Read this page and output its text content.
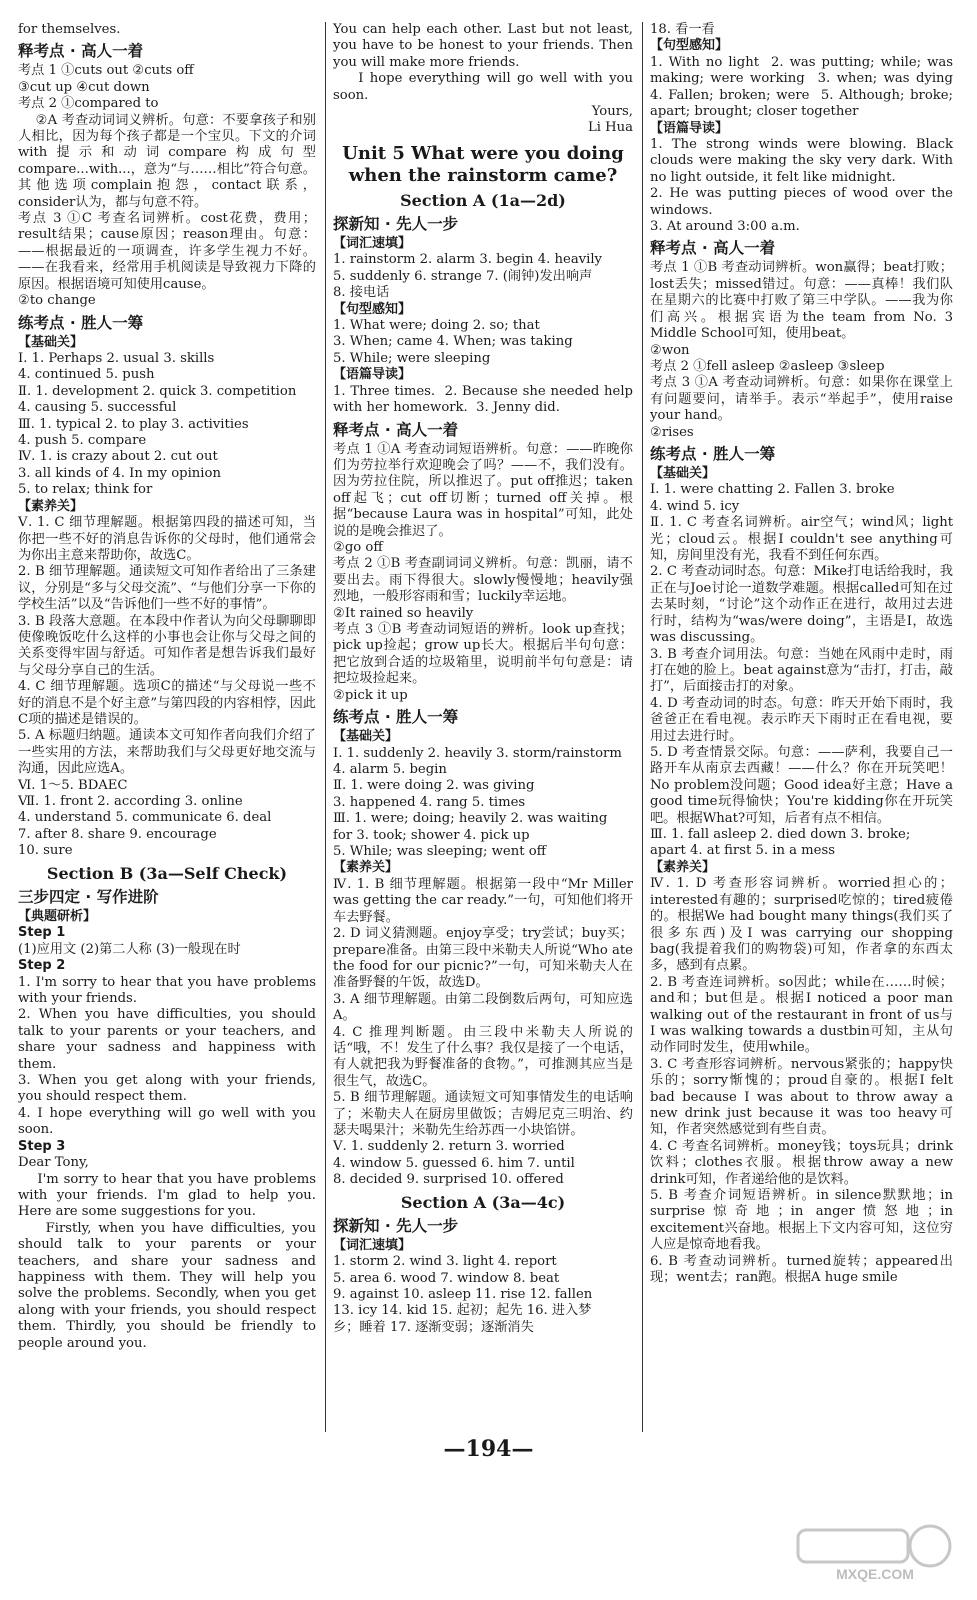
for themselves.
释考点 · 高人一着
考点 1 ①cuts out ②cuts off
③cut up ④cut down
考点 2 ①compared to
②A 考查动词词义辨析。句意：不要拿孩子和别人相比，因为每个孩子都是一个宝贝。下文的介词with提示和动词compare构成句型compare...with...，意为“与……相比”符合句意。其他选项complain抱怨，contact联系，consider认为，都与句意不符。
考点 3 ①C 考查名词辨析。cost花费，费用；result结果；cause原因；reason理由。句意：——根据最近的一项调查，许多学生视力不好。——在我看来，经常用手机阅读是导致视力下降的原因。根据语境可知使用cause。
②to change
练考点 · 胜人一筹
【基础关】
Ⅰ. 1. Perhaps 2. usual 3. skills
4. continued 5. push
Ⅱ. 1. development 2. quick 3. competition
4. causing 5. successful
Ⅲ. 1. typical 2. to play 3. activities
4. push 5. compare
Ⅳ. 1. is crazy about 2. cut out
3. all kinds of 4. In my opinion
5. to relax; think for
【素养关】
Ⅴ. 1. C 细节理解题。根据第四段的描述可知，当你把一些不好的消息告诉你的父母时，他们通常会为你出主意来帮助你，故选C。
2. B 细节理解题。通读短文可知作者给出了三条建议，分别是“多与父母交流”、“与他们分享一下你的学校生活”以及“告诉他们一些不好的事情”。
3. B 段落大意题。在本段中作者认为向父母聊聊即使像晚饭吃什么这样的小事也会让你与父母之间的关系变得牢固与舒适。可知作者是想告诉我们最好与父母分享自己的生活。
4. C 细节理解题。选项C的描述“与父母说一些不好的消息不是个好主意”与第四段的内容相悖，因此C项的描述是错误的。
5. A 标题归纳题。通读本文可知作者向我们介绍了一些实用的方法，来帮助我们与父母更好地交流与沟通，因此应选A。
Ⅵ. 1～5. BDAEC
Ⅶ. 1. front 2. according 3. online
4. understand 5. communicate 6. deal
7. after 8. share 9. encourage
10. sure
Section B (3a—Self Check)
三步四定 · 写作进阶
【典题研析】
Step 1
(1)应用文 (2)第二人称 (3)一般现在时
Step 2
1. I'm sorry to hear that you have problems with your friends.
2. When you have difficulties, you should talk to your parents or your teachers, and share your sadness and happiness with them.
3. When you get along with your friends, you should respect them.
4. I hope everything will go well with you soon.
Step 3
Dear Tony,
I'm sorry to hear that you have problems with your friends. I'm glad to help you. Here are some suggestions for you.
Firstly, when you have difficulties, you should talk to your parents or your teachers, and share your sadness and happiness with them. They will help you solve the problems. Secondly, when you get along with your friends, you should respect them. Thirdly, you should be friendly to people around you.
You can help each other. Last but not least, you have to be honest to your friends. Then you will make more friends.
I hope everything will go well with you soon.
Yours,
Li Hua
Unit 5 What were you doing when the rainstorm came?
Section A (1a—2d)
探新知 · 先人一步
【词汇速填】
1. rainstorm 2. alarm 3. begin 4. heavily
5. suddenly 6. strange 7. (闹钟)发出响声
8. 接电话
【句型感知】
1. What were; doing 2. so; that
3. When; came 4. When; was taking
5. While; were sleeping
【语篇导读】
1. Three times.  2. Because she needed help with her homework.  3. Jenny did.
释考点 · 高人一着
考点 1 ①A 考查动词短语辨析。句意：——昨晚你们为劳拉举行欢迎晚会了吗？——不，我们没有。因为劳拉住院，所以推迟了。put off推迟；taken off起飞；cut off切断；turned off关掉。根据“because Laura was in hospital”可知，此处说的是晚会推迟了。
②go off
考点 2 ①B 考查副词词义辨析。句意：凯丽，请不要出去。雨下得很大。slowly慢慢地；heavily强烈地，一般形容雨和雪；luckily幸运地。
②It rained so heavily
考点 3 ①B 考查动词短语的辨析。look up查找；pick up捡起；grow up长大。根据后半句句意：把它放到合适的垃圾箱里，说明前半句句意是：请把垃圾捡起来。
②pick it up
练考点 · 胜人一筹
【基础关】
Ⅰ. 1. suddenly 2. heavily 3. storm/rainstorm
4. alarm 5. begin
Ⅱ. 1. were doing 2. was giving
3. happened 4. rang 5. times
Ⅲ. 1. were; doing; heavily 2. was waiting
for 3. took; shower 4. pick up
5. While; was sleeping; went off
【素养关】
Ⅳ. 1. B 细节理解题。根据第一段中“Mr Miller was getting the car ready.”一句，可知他们将开车去野餐。
2. D 词义猜测题。enjoy享受；try尝试；buy买；prepare准备。由第三段中米勒夫人所说“Who ate the food for our picnic?”一句，可知米勒夫人在准备野餐的午饭，故选D。
3. A 细节理解题。由第二段倒数后两句，可知应选A。
4. C 推理判断题。由三段中米勒夫人所说的话“哦，不！发生了什么事？我仅是接了一个电话，有人就把我为野餐准备的食物。”，可推测其应当是很生气，故选C。
5. B 细节理解题。通读短文可知事情发生的电话响了；米勒夫人在厨房里做饭；吉姆尼克三明治、约瑟夫喝果汁；米勒先生给苏西一小块馅饼。
Ⅴ. 1. suddenly 2. return 3. worried
4. window 5. guessed 6. him 7. until
8. decided 9. surprised 10. offered
Section A (3a—4c)
探新知 · 先人一步
【词汇速填】
1. storm 2. wind 3. light 4. report
5. area 6. wood 7. window 8. beat
9. against 10. asleep 11. rise 12. fallen
13. icy 14. kid 15. 起初；起先 16. 进入梦
乡；睡着 17. 逐渐变弱；逐渐消失
18. 看一看
【句型感知】
1. With no light  2. was putting; while; was making; were working  3. when; was dying  4. Fallen; broken; were  5. Although; broke; apart; brought; closer together
【语篇导读】
1. The strong winds were blowing. Black clouds were making the sky very dark. With no light outside, it felt like midnight.
2. He was putting pieces of wood over the windows.
3. At around 3:00 a.m.
释考点 · 高人一着
考点 1 ①B 考查动词辨析。won赢得；beat打败；lost丢失；missed错过。句意：——真棒！我们队在星期六的比赛中打败了第三中学队。——我为你们高兴。根据宾语为the team from No. 3 Middle School可知，使用beat。
②won
考点 2 ①fell asleep ②asleep ③sleep
考点 3 ①A 考查动词辨析。句意：如果你在课堂上有问题要问，请举手。表示“举起手”，使用raise your hand。
②rises
练考点 · 胜人一筹
【基础关】
Ⅰ. 1. were chatting 2. Fallen 3. broke
4. wind 5. icy
Ⅱ. 1. C 考查名词辨析。air空气；wind风；light光；cloud云。根据I couldn't see anything可知，房间里没有光，我看不到任何东西。
2. C 考查动词时态。句意：Mike打电话给我时，我正在与Joe讨论一道数学难题。根据called可知在过去某时刻，“讨论”这个动作正在进行，故用过去进行时，结构为“was/were doing”，主语是I，故选was discussing。
3. B 考查介词用法。句意：当她在风雨中走时，雨打在她的脸上。beat against意为“击打，打击，敲打”，后面接击打的对象。
4. D 考查动词的时态。句意：昨天开始下雨时，我爸爸正在看电视。表示昨天下雨时正在看电视，要用过去进行时。
5. D 考查情景交际。句意：——萨利，我要自己一路开车从南京去西藏！——什么？你在开玩笑吧！No problem没问题；Good idea好主意；Have a good time玩得愉快；You're kidding你在开玩笑吧。根据What?可知，后者有点不相信。
Ⅲ. 1. fall asleep 2. died down 3. broke;
apart 4. at first 5. in a mess
【素养关】
Ⅳ. 1. D 考查形容词辨析。worried担心的；interested有趣的；surprised吃惊的；tired疲倦的。根据We had bought many things(我们买了很多东西)及I was carrying our shopping bag(我提着我们的购物袋)可知，作者拿的东西太多，感到有点累。
2. B 考查连词辨析。so因此；while在……时候；and和；but但是。根据I noticed a poor man walking out of the restaurant in front of us与I was walking towards a dustbin可知，主从句动作同时发生，使用while。
3. C 考查形容词辨析。nervous紧张的；happy快乐的；sorry惭愧的；proud自豪的。根据I felt bad because I was about to throw away a new drink just because it was too heavy可知，作者突然感觉到有些自责。
4. C 考查名词辨析。money钱；toys玩具；drink饮料；clothes衣服。根据throw away a new drink可知，作者递给他的是饮料。
5. B 考查介词短语辨析。in silence默默地；in surprise惊奇地；in anger愤怒地；in excitement兴奋地。根据上下文内容可知，这位穷人应是惊奇地看我。
6. B 考查动词辨析。turned旋转；appeared出现；went去；ran跑。根据A huge smile
—194—
MXQE.COM
